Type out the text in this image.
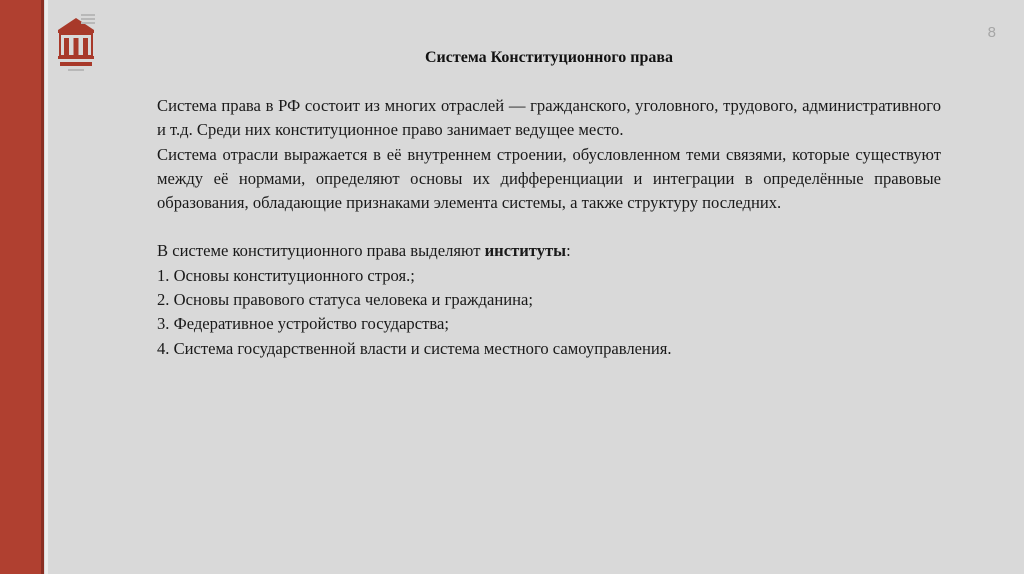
8
Система Конституционного права

Система права в РФ состоит из многих отраслей — гражданского, уголовного, трудового, административного и т.д. Среди них конституционное право занимает ведущее место.

Система отрасли выражается в её внутреннем строении, обусловленном теми связями, которые существуют между её нормами, определяют основы их дифференциации и интеграции в определённые правовые образования, обладающие признаками элемента системы, а также структуру последних.

В системе конституционного права выделяют институты:
1. Основы конституционного строя.;
2. Основы правового статуса человека и гражданина;
3. Федеративное устройство государства;
4. Система государственной власти и система местного самоуправления.
